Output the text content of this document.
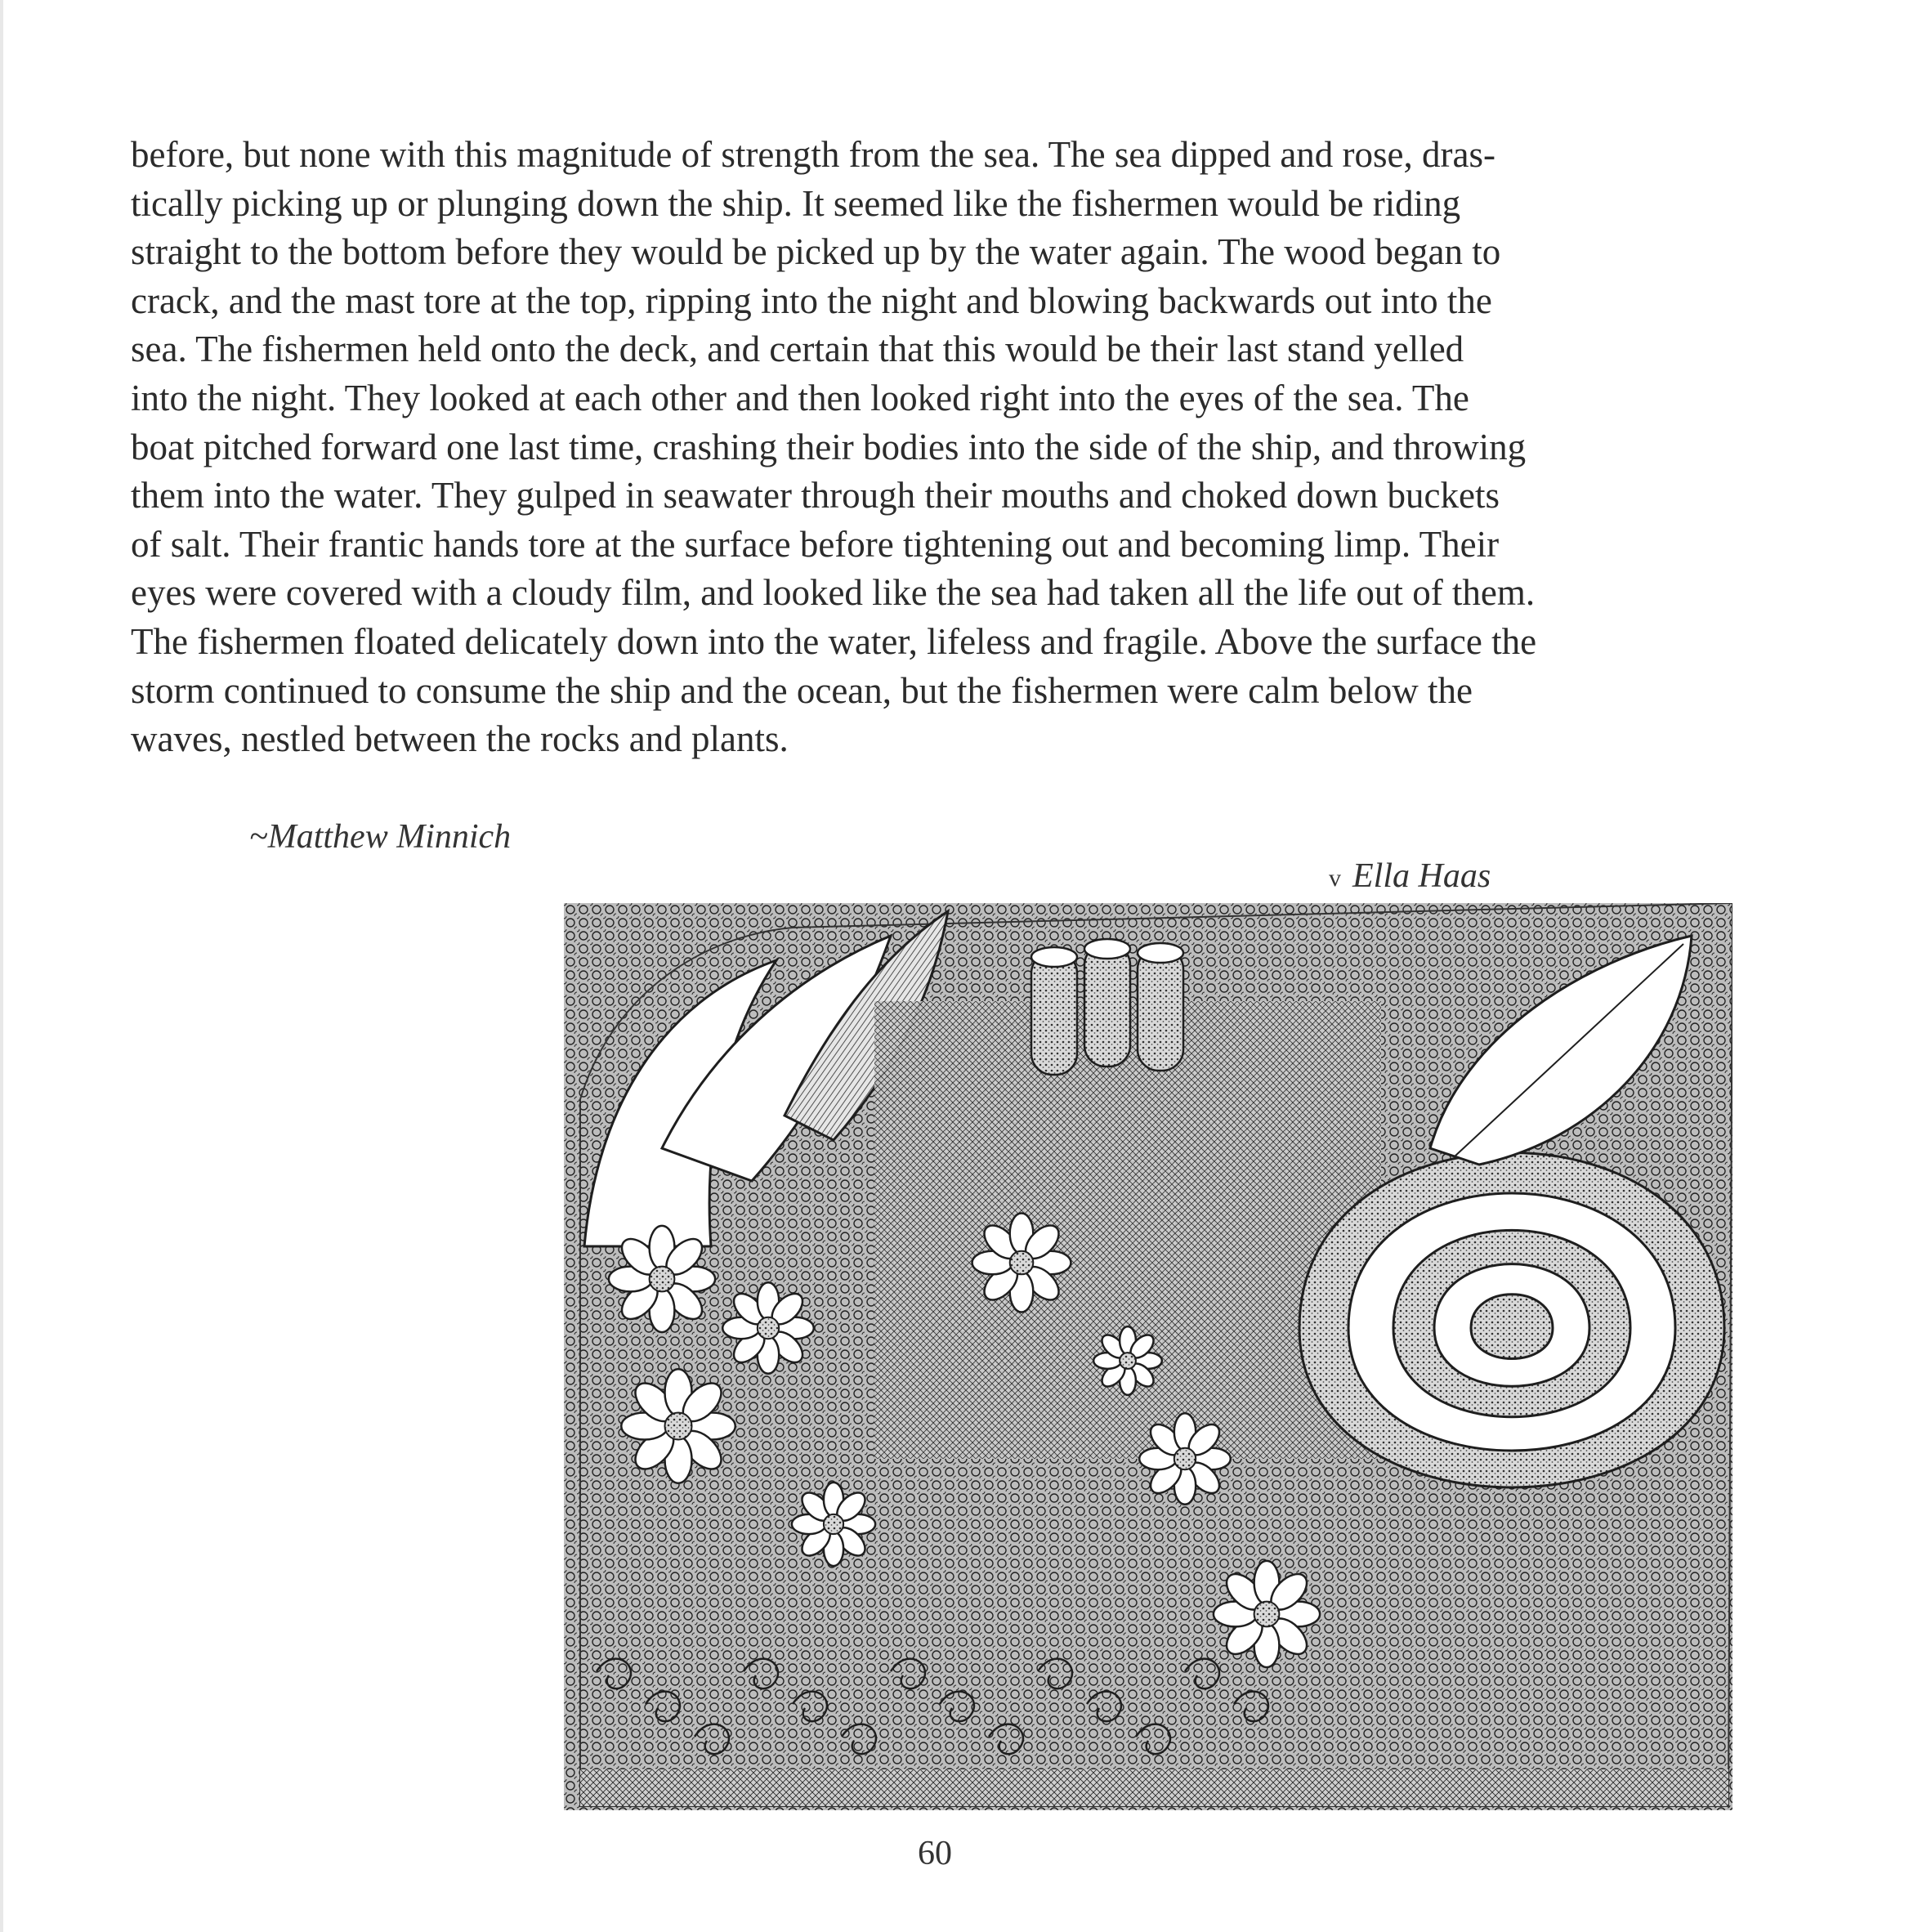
before, but none with this magnitude of strength from the sea. The sea dipped and rose, dras-
tically picking up or plunging down the ship. It seemed like the fishermen would be riding
straight to the bottom before they would be picked up by the water again. The wood began to
crack, and the mast tore at the top, ripping into the night and blowing backwards out into the
sea. The fishermen held onto the deck, and certain that this would be their last stand yelled
into the night. They looked at each other and then looked right into the eyes of the sea. The
boat pitched forward one last time, crashing their bodies into the side of the ship, and throwing
them into the water. They gulped in seawater through their mouths and choked down buckets
of salt. Their frantic hands tore at the surface before tightening out and becoming limp. Their
eyes were covered with a cloudy film, and looked like the sea had taken all the life out of them.
The fishermen floated delicately down into the water, lifeless and fragile. Above the surface the
storm continued to consume the ship and the ocean, but the fishermen were calm below the
waves, nestled between the rocks and plants.
~Matthew Minnich
v Ella Haas
60
